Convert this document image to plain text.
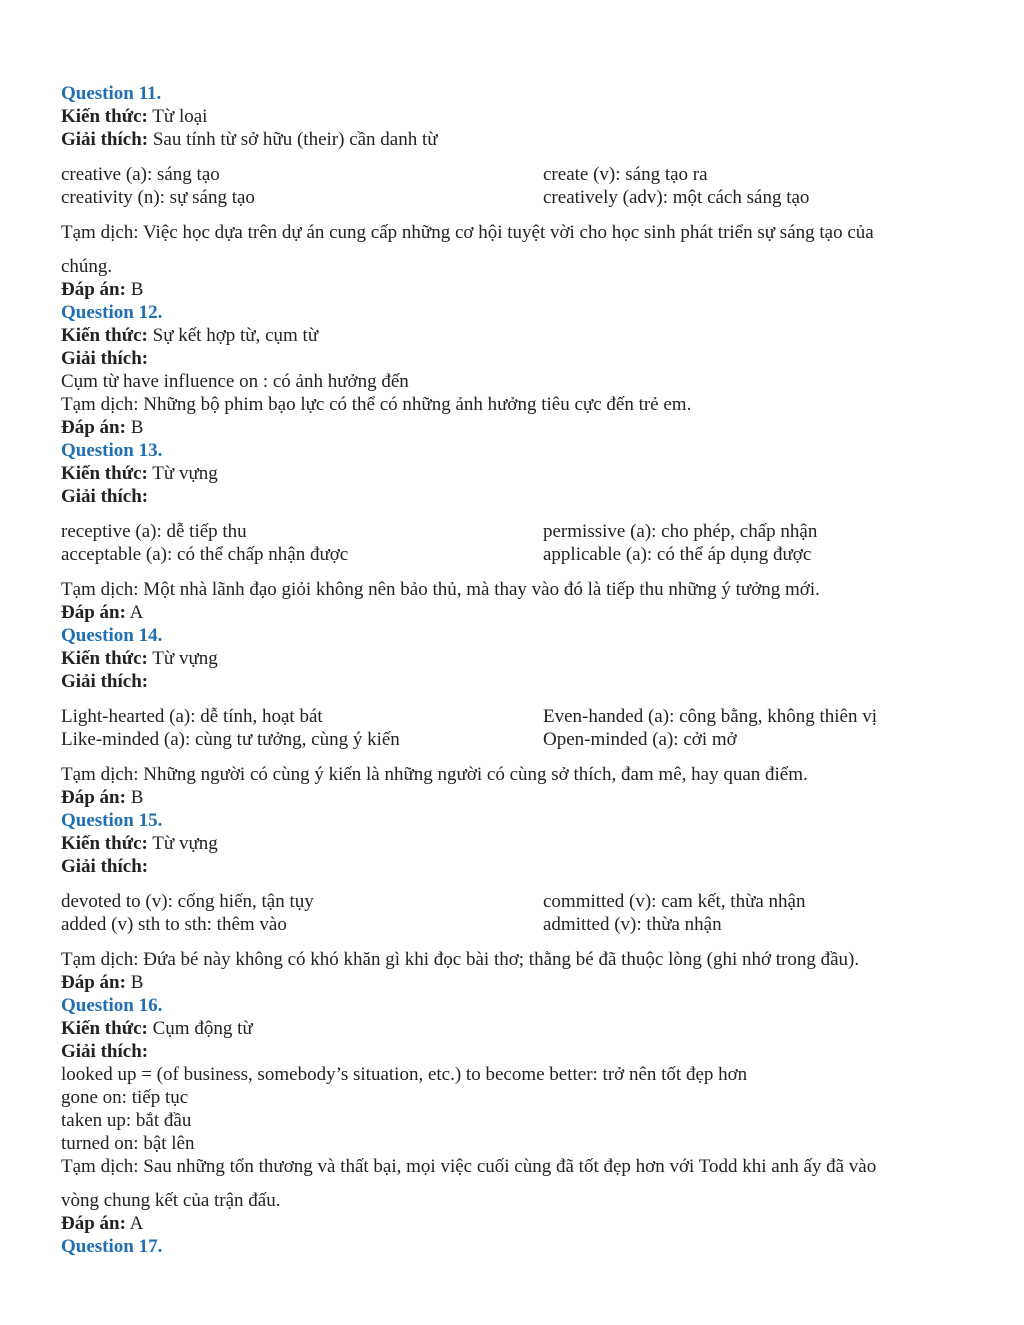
Question 11.
Kiến thức: Từ loại
Giải thích: Sau tính từ sở hữu (their) cần danh từ
creative (a): sáng tạo	create (v): sáng tạo ra
creativity (n): sự sáng tạo	creatively (adv): một cách sáng tạo
Tạm dịch: Việc học dựa trên dự án cung cấp những cơ hội tuyệt vời cho học sinh phát triển sự sáng tạo của
chúng.
Đáp án: B
Question 12.
Kiến thức: Sự kết hợp từ, cụm từ
Giải thích:
Cụm từ have influence on : có ảnh hưởng đến
Tạm dịch: Những bộ phim bạo lực có thể có những ảnh hưởng tiêu cực đến trẻ em.
Đáp án: B
Question 13.
Kiến thức: Từ vựng
Giải thích:
receptive (a): dễ tiếp thu	permissive (a): cho phép, chấp nhận
acceptable (a): có thể chấp nhận được	applicable (a): có thể áp dụng được
Tạm dịch: Một nhà lãnh đạo giỏi không nên bảo thủ, mà thay vào đó là tiếp thu những ý tưởng mới.
Đáp án: A
Question 14.
Kiến thức: Từ vựng
Giải thích:
Light-hearted (a): dễ tính, hoạt bát	Even-handed (a): công bằng, không thiên vị
Like-minded (a): cùng tư tưởng, cùng ý kiến	Open-minded (a): cởi mở
Tạm dịch: Những người có cùng ý kiến là những người có cùng sở thích, đam mê, hay quan điểm.
Đáp án: B
Question 15.
Kiến thức: Từ vựng
Giải thích:
devoted to (v): cống hiến, tận tụy	committed (v): cam kết, thừa nhận
added (v) sth to sth: thêm vào	admitted (v): thừa nhận
Tạm dịch: Đứa bé này không có khó khăn gì khi đọc bài thơ; thằng bé đã thuộc lòng (ghi nhớ trong đầu).
Đáp án: B
Question 16.
Kiến thức: Cụm động từ
Giải thích:
looked up = (of business, somebody’s situation, etc.) to become better: trở nên tốt đẹp hơn
gone on: tiếp tục
taken up: bắt đầu
turned on: bật lên
Tạm dịch: Sau những tổn thương và thất bại, mọi việc cuối cùng đã tốt đẹp hơn với Todd khi anh ấy đã vào
vòng chung kết của trận đấu.
Đáp án: A
Question 17.
